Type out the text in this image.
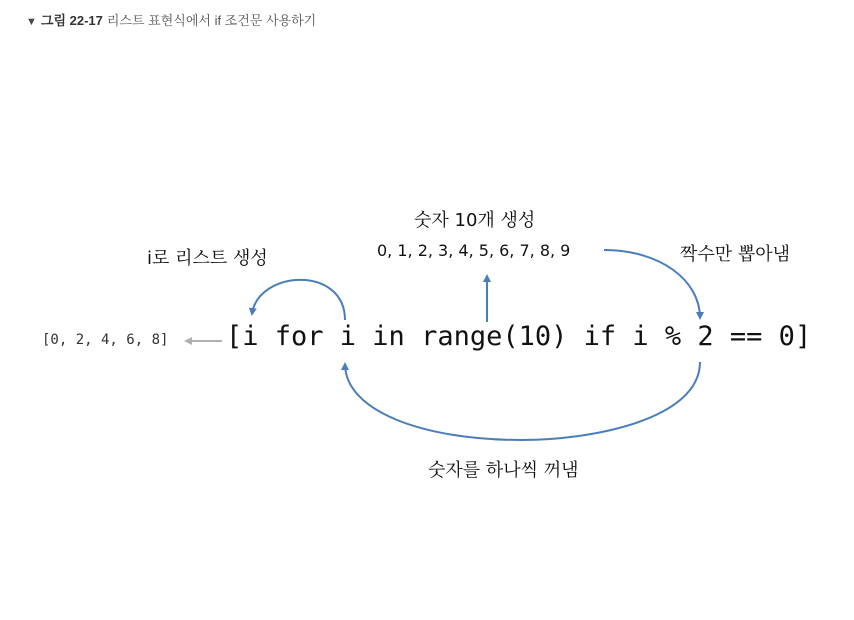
▼ 그림 22-17 리스트 표현식에서 if 조건문 사용하기
숫자 10개 생성
0, 1, 2, 3, 4, 5, 6, 7, 8, 9
i로 리스트 생성	짝수만 뽑아냄
[0, 2, 4, 6, 8] [i for i in range(10) if i % 2 == 0]
숫자를 하나씩 꺼냄
